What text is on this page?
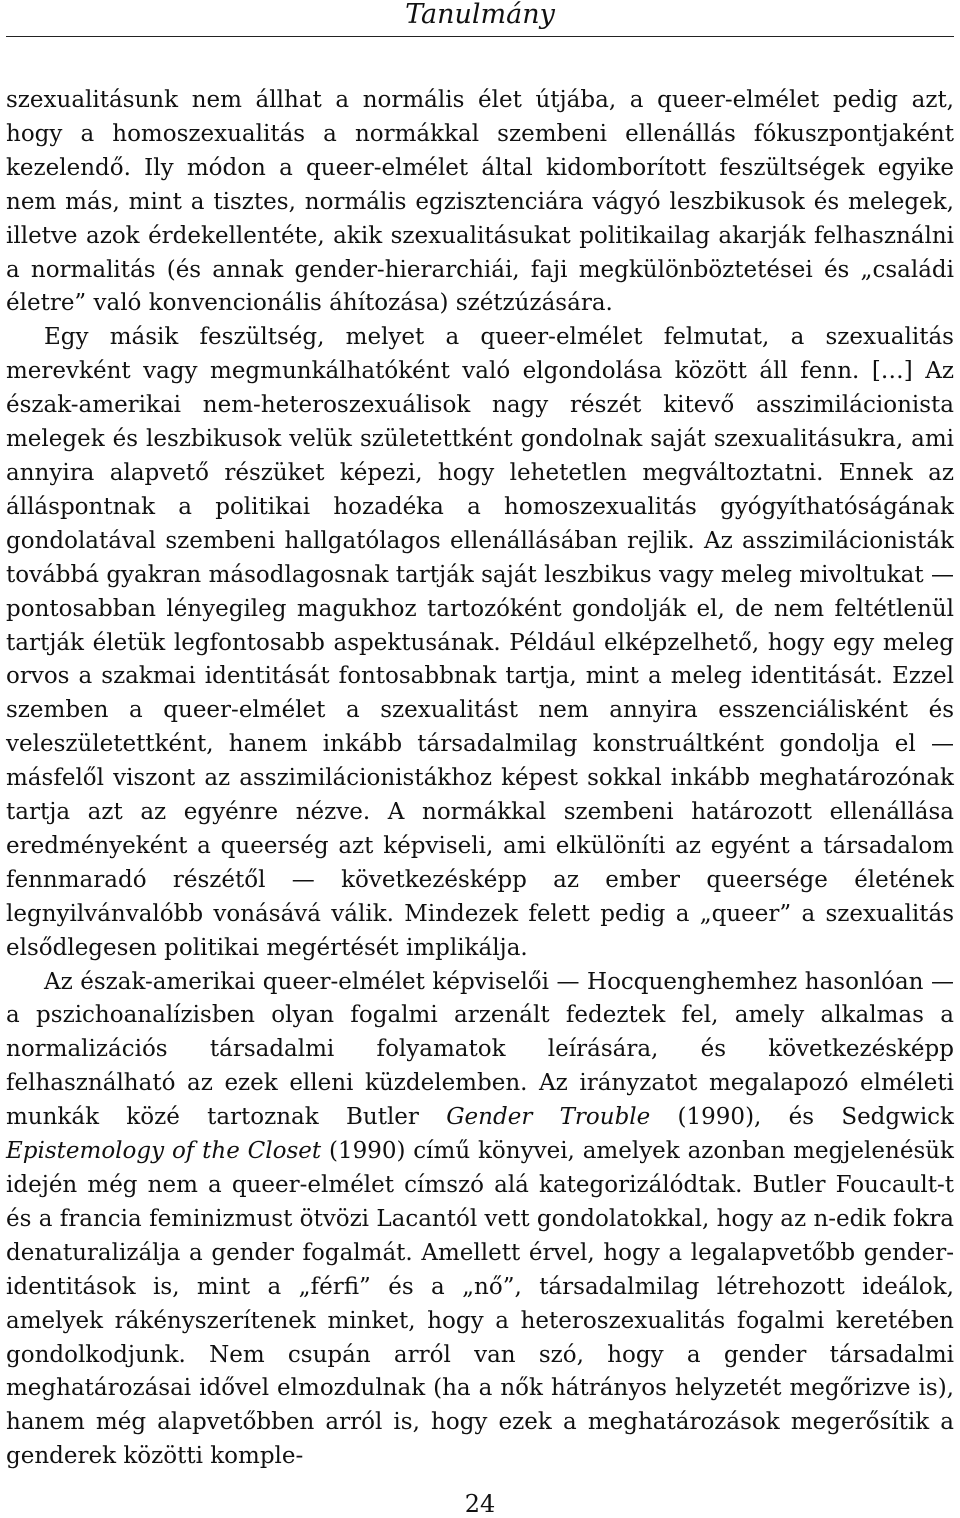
Tanulmány

szexualitásunk nem állhat a normális élet útjába, a queer-elmélet pedig azt, hogy a homoszexualitás a normákkal szembeni ellenállás fókuszpontjaként kezelendő. Ily módon a queer-elmélet által kidomborított feszültségek egyike nem más, mint a tisztes, normális egzisztenciára vágyó leszbikusok és melegek, illetve azok érdekellentéte, akik szexualitásukat politikailag akarják felhasználni a normalitás (és annak gender-hierarchiái, faji megkülönböztetései és „családi életre” való konvencionális áhítozása) szétzúzására.

Egy másik feszültség, melyet a queer-elmélet felmutat, a szexualitás merevként vagy megmunkálhatóként való elgondolása között áll fenn. […] Az észak-amerikai nem-heteroszexuálisok nagy részét kitevő asszimilácionista melegek és leszbikusok velük születettként gondolnak saját szexualitásukra, ami annyira alapvető részüket képezi, hogy lehetetlen megváltoztatni. Ennek az álláspontnak a politikai hozadéka a homoszexualitás gyógyíthatóságának gondolatával szembeni hallgatólagos ellenállásában rejlik. Az asszimilácionisták továbbá gyakran másodlagosnak tartják saját leszbikus vagy meleg mivoltukat — pontosabban lényegileg magukhoz tartozóként gondolják el, de nem feltétlenül tartják életük legfontosabb aspektusának. Például elképzelhető, hogy egy meleg orvos a szakmai identitását fontosabbnak tartja, mint a meleg identitását. Ezzel szemben a queer-elmélet a szexualitást nem annyira esszenciálisként és veleszületettként, hanem inkább társadalmilag konstruáltként gondolja el — másfelől viszont az asszimilácionistákhoz képest sokkal inkább meghatározónak tartja azt az egyénre nézve. A normákkal szembeni határozott ellenállása eredményeként a queerség azt képviseli, ami elkülöníti az egyént a társadalom fennmaradó részétől — következésképp az ember queersége életének legnyilvánvalóbb vonásává válik. Mindezek felett pedig a „queer” a szexualitás elsődlegesen politikai megértését implikálja.

Az észak-amerikai queer-elmélet képviselői — Hocquenghemhez hasonlóan — a pszichoanalízisben olyan fogalmi arzenált fedeztek fel, amely alkalmas a normalizációs társadalmi folyamatok leírására, és következésképp felhasználható az ezek elleni küzdelemben. Az irányzatot megalapozó elméleti munkák közé tartoznak Butler Gender Trouble (1990), és Sedgwick Epistemology of the Closet (1990) című könyvei, amelyek azonban megjelenésük idején még nem a queer-elmélet címszó alá kategorizálódtak. Butler Foucault-t és a francia feminizmust ötvözi Lacantól vett gondolatokkal, hogy az n-edik fokra denaturalizálja a gender fogalmát. Amellett érvel, hogy a legalapvetőbb gender-identitások is, mint a „férfi” és a „nő”, társadalmilag létrehozott ideálok, amelyek rákényszerítenek minket, hogy a heteroszexualitás fogalmi keretében gondolkodjunk. Nem csupán arról van szó, hogy a gender társadalmi meghatározásai idővel elmozdulnak (ha a nők hátrányos helyzetét megőrizve is), hanem még alapvetőbben arról is, hogy ezek a meghatározások megerősítik a genderek közötti komple-

24
